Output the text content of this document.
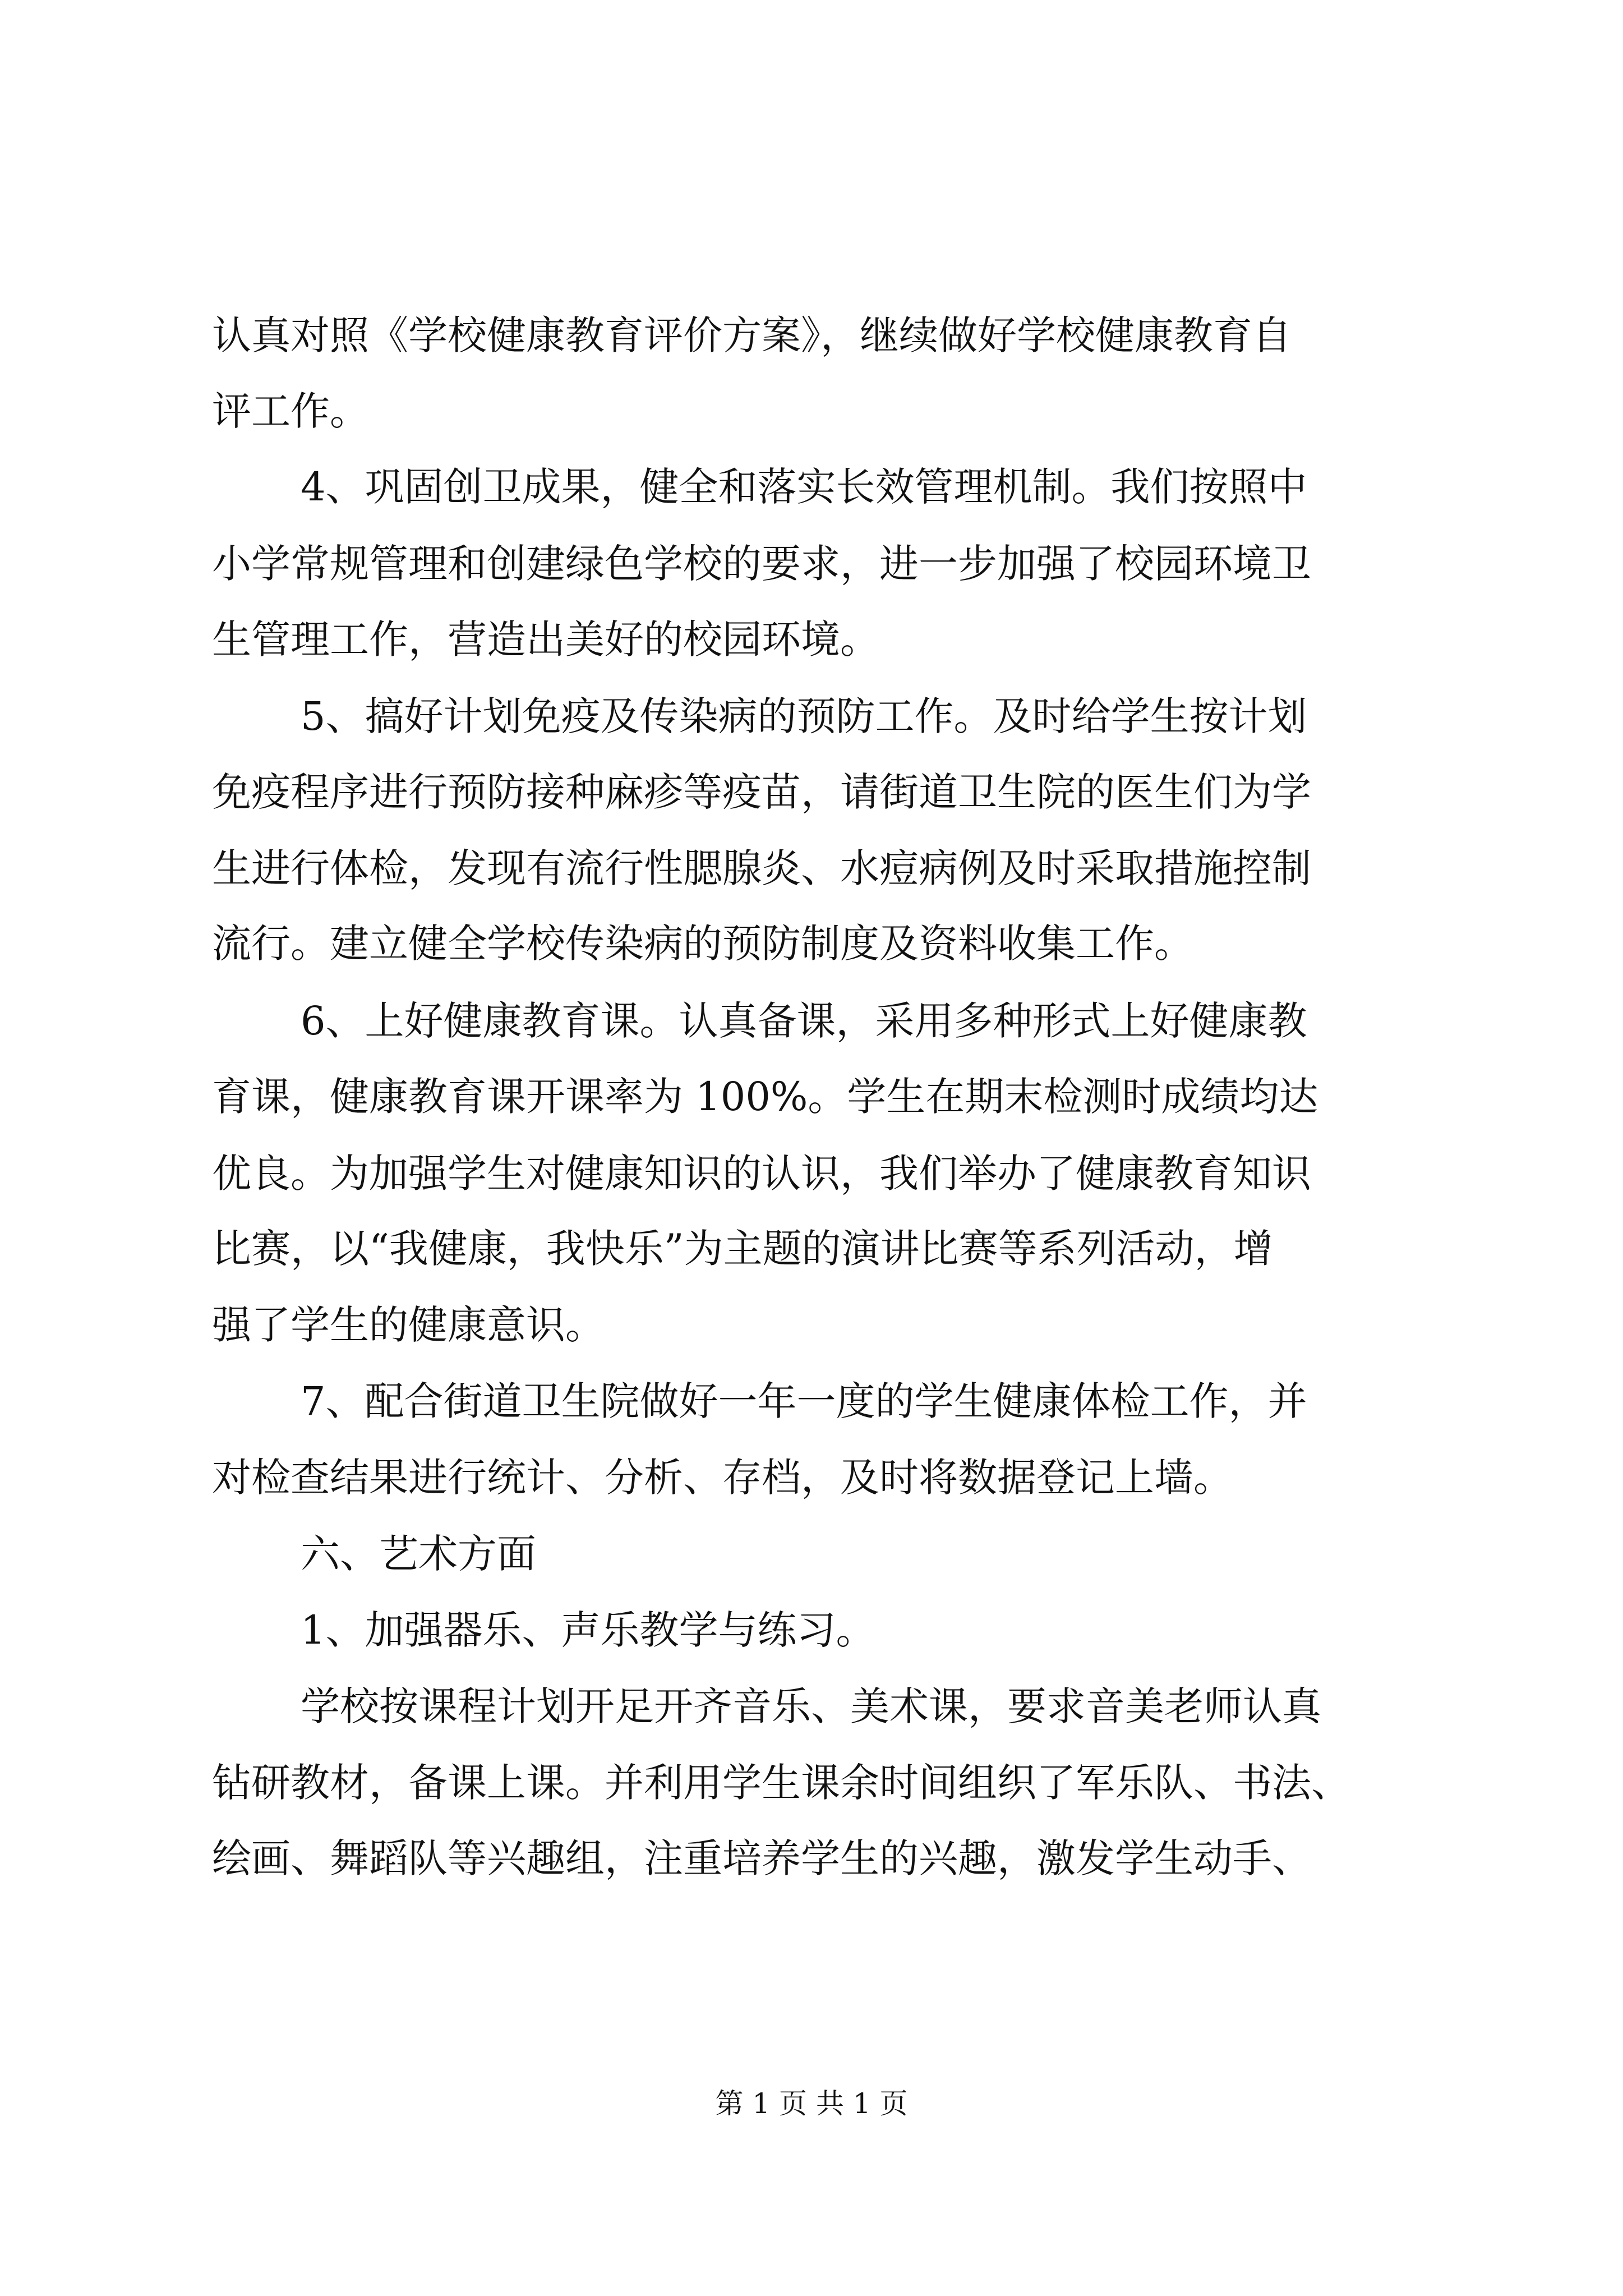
认真对照《学校健康教育评价方案》，继续做好学校健康教育自
评工作。
4、巩固创卫成果，健全和落实长效管理机制。我们按照中
小学常规管理和创建绿色学校的要求，进一步加强了校园环境卫
生管理工作，营造出美好的校园环境。
5、搞好计划免疫及传染病的预防工作。及时给学生按计划
免疫程序进行预防接种麻疹等疫苗，请街道卫生院的医生们为学
生进行体检，发现有流行性腮腺炎、水痘病例及时采取措施控制
流行。建立健全学校传染病的预防制度及资料收集工作。
6、上好健康教育课。认真备课，采用多种形式上好健康教
育课，健康教育课开课率为 100%。学生在期末检测时成绩均达
优良。为加强学生对健康知识的认识，我们举办了健康教育知识
比赛，以“我健康，我快乐”为主题的演讲比赛等系列活动，增
强了学生的健康意识。
7、配合街道卫生院做好一年一度的学生健康体检工作，并
对检查结果进行统计、分析、存档，及时将数据登记上墙。
六、艺术方面
1、加强器乐、声乐教学与练习。
学校按课程计划开足开齐音乐、美术课，要求音美老师认真
钻研教材，备课上课。并利用学生课余时间组织了军乐队、书法、
绘画、舞蹈队等兴趣组，注重培养学生的兴趣，激发学生动手、
第 1 页 共 1 页
